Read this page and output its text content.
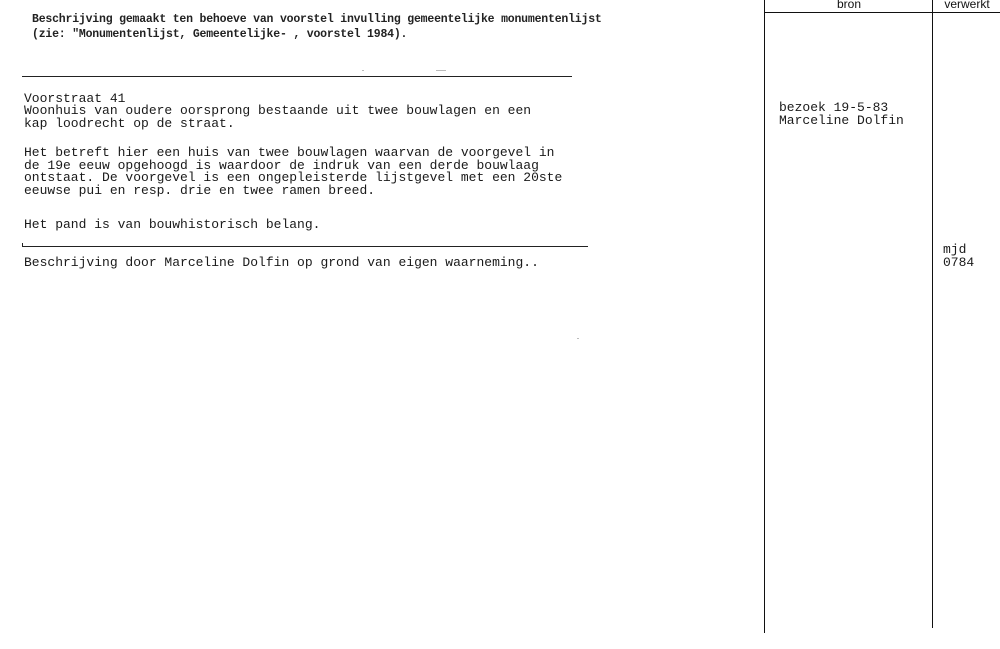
Beschrijving gemaakt ten behoeve van voorstel invulling gemeentelijke monumentenlijst
(zie: "Monumentenlijst, Gemeentelijke- , voorstel 1984).
Voorstraat 41
Woonhuis van oudere oorsprong bestaande uit twee bouwlagen en een
kap loodrecht op de straat.
Het betreft hier een huis van twee bouwlagen waarvan de voorgevel in
de 19e eeuw opgehoogd is waardoor de indruk van een derde bouwlaag
ontstaat. De voorgevel is een ongepleisterde lijstgevel met een 20ste
eeuwse pui en resp. drie en twee ramen breed.
Het pand is van bouwhistorisch belang.
Beschrijving door Marceline Dolfin op grond van eigen waarneming..
bron	verwerkt
bezoek 19-5-83
Marceline Dolfin
mjd
0784
